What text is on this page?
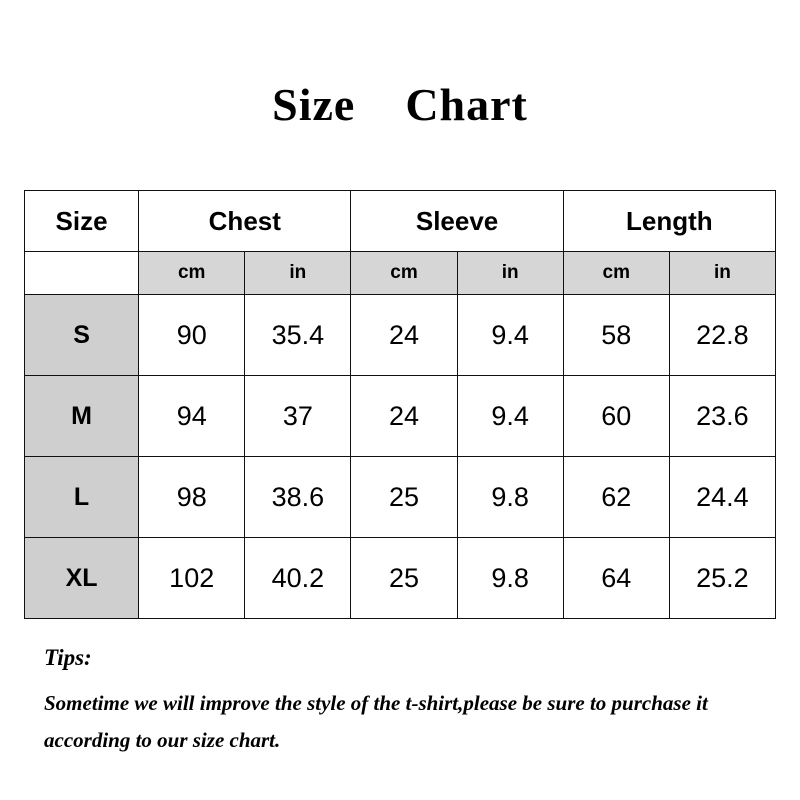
Size    Chart
Size	Chest		Sleeve		Length	
	cm	in	cm	in	cm	in
S	90	35.4	24	9.4	58	22.8
M	94	37	24	9.4	60	23.6
L	98	38.6	25	9.8	62	24.4
XL	102	40.2	25	9.8	64	25.2
Tips:
Sometime we will improve the style of the t-shirt,please be sure to purchase it according to our size chart.
